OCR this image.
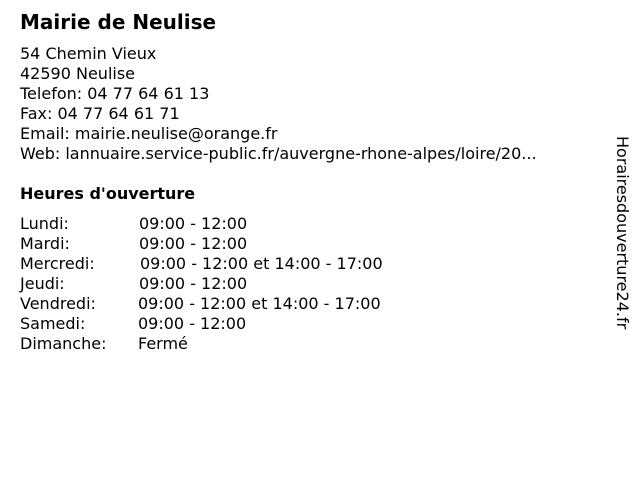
Mairie de Neulise
54 Chemin Vieux
42590 Neulise
Telefon: 04 77 64 61 13
Fax: 04 77 64 61 71
Email: mairie.neulise@orange.fr
Web: lannuaire.service-public.fr/auvergne-rhone-alpes/loire/20...
Heures d'ouverture
Lundi:	09:00 - 12:00
Mardi:	09:00 - 12:00
Mercredi:	09:00 - 12:00 et 14:00 - 17:00
Jeudi:	09:00 - 12:00
Vendredi:	09:00 - 12:00 et 14:00 - 17:00
Samedi:	09:00 - 12:00
Dimanche: Fermé
Horairesdouverture24.fr
